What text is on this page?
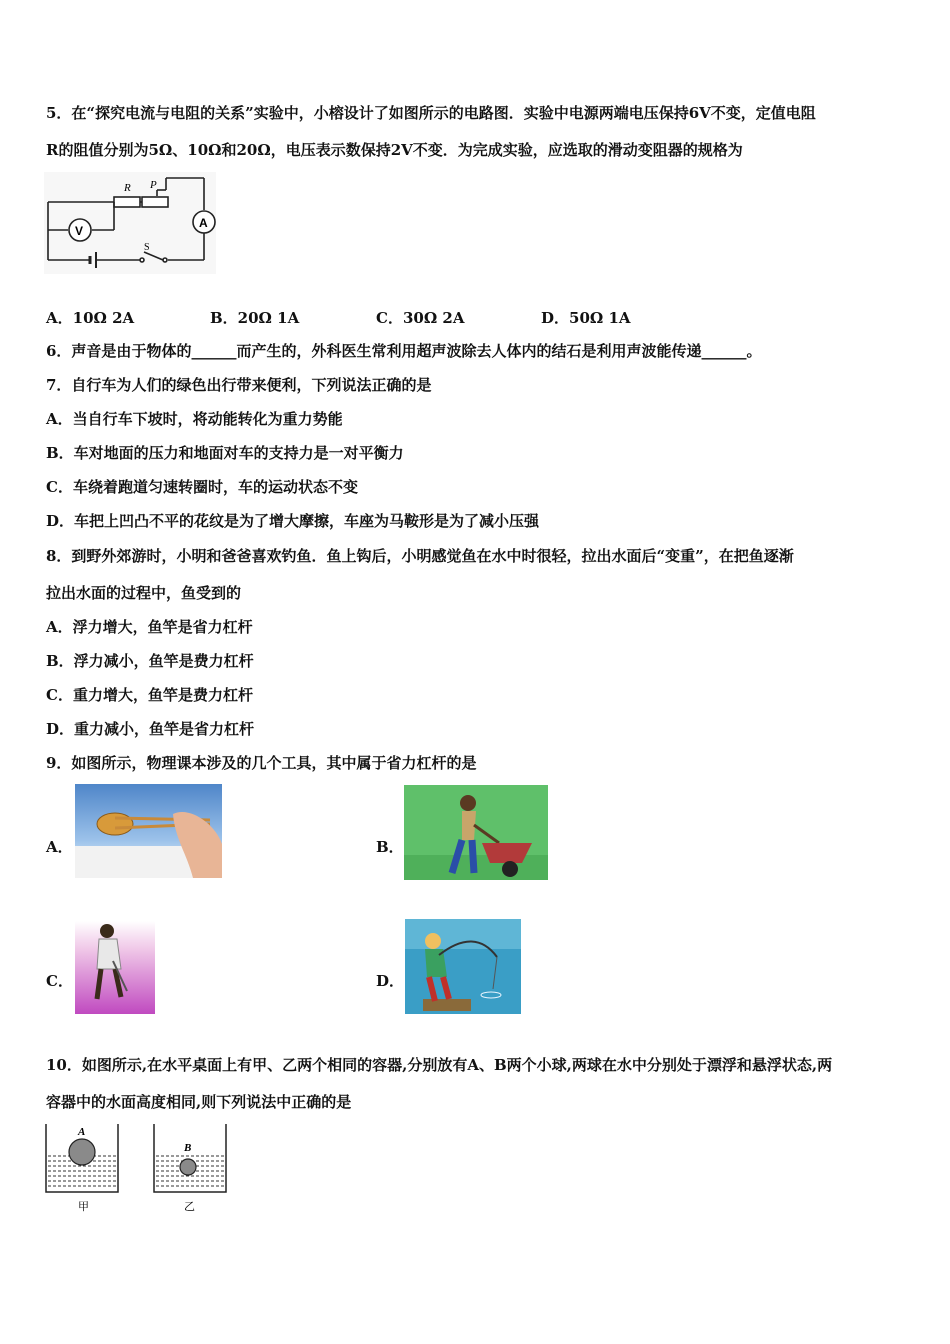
5．在“探究电流与电阻的关系”实验中，小榕设计了如图所示的电路图．实验中电源两端电压保持6V不变，定值电阻
R的阻值分别为5Ω、10Ω和20Ω，电压表示数保持2V不变．为完成实验，应选取的滑动变阻器的规格为
R P
V
A
S
A．10Ω 2A	B．20Ω 1A	C．30Ω 2A	D．50Ω 1A
6．声音是由于物体的______而产生的，外科医生常利用超声波除去人体内的结石是利用声波能传递______。
7．自行车为人们的绿色出行带来便利，下列说法正确的是
A．当自行车下坡时，将动能转化为重力势能
B．车对地面的压力和地面对车的支持力是一对平衡力
C．车绕着跑道匀速转圈时，车的运动状态不变
D．车把上凹凸不平的花纹是为了增大摩擦，车座为马鞍形是为了减小压强
8．到野外郊游时，小明和爸爸喜欢钓鱼．鱼上钩后，小明感觉鱼在水中时很轻，拉出水面后“变重”，在把鱼逐渐
拉出水面的过程中，鱼受到的
A．浮力增大，鱼竿是省力杠杆
B．浮力减小，鱼竿是费力杠杆
C．重力增大，鱼竿是费力杠杆
D．重力减小，鱼竿是省力杠杆
9．如图所示，物理课本涉及的几个工具，其中属于省力杠杆的是
A．	B．
C．	D．
10．如图所示,在水平桌面上有甲、乙两个相同的容器,分别放有A、B两个小球,两球在水中分别处于漂浮和悬浮状态,两
容器中的水面高度相同,则下列说法中正确的是
A
B
甲	乙
